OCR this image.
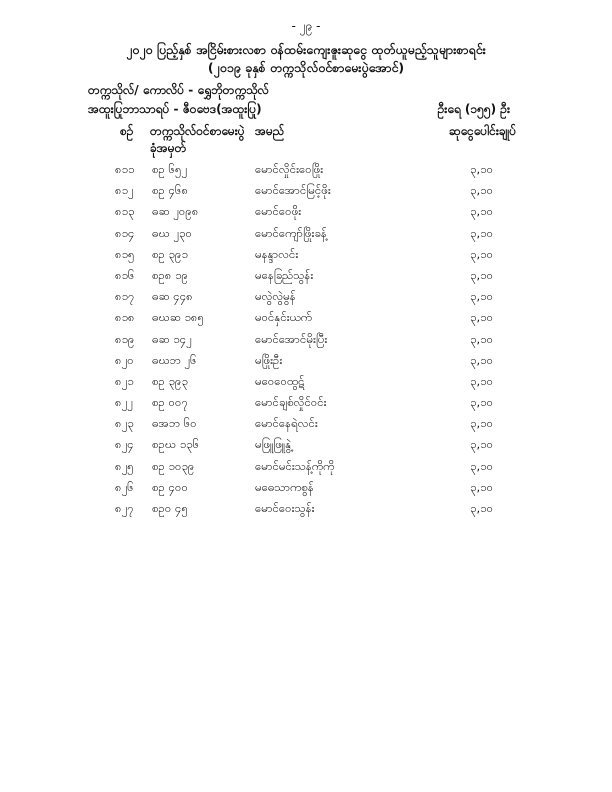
- ၂၉ -
၂၀၂၀ ပြည့်နှစ် အငြိမ်းစားလစာ ဝန်ထမ်းကျေးဇူးဆုငွေ ထုတ်ယူမည့်သူများစာရင်း
(၂၀၁၉ ခုနှစ် တက္ကသိုလ်ဝင်စာမေးပွဲအောင်)
တက္ကသိုလ်/ ကောလိပ် - ရွှေဘိုတက္ကသိုလ်
အထူးပြုဘာသာရပ် - ဇီဝဗေဒ(အထူးပြု)	ဦးရေ (၁၅၅) ဦး
စဉ် တက္ကသိုလ်ဝင်စာမေးပွဲ
ခုံအမှတ်
အမည်	ဆုငွေပေါင်းချုပ်
၈၁၁ စဥ ၆၅၂	မောင်လှိုင်းဝေဖြိုး	၃,၁၀
၈၁၂ စဥ ၄၆၈	မောင်အောင်မြင့်ဖိုး	၃,၁၀
၈၁၃ ဓဆ ၂၀၉၈	မောင်ဝေဖိုး	၃,၁၀
၈၁၄ ဓဃ ၂၃၀	မောင်ကျော်ဖြိုးခန့်	၃,၁၀
၈၁၅ စဥ ၃၉၁	မနန္ဒာလင်း	၃,၁၀
၈၁၆ စဥ၈ ၁၉	မနေခြည်သွန်း	၃,၁၀
၈၁၇ ဓဆ ၄၄၈	မလွဲလွဲမွန်	၃,၁၀
၈၁၈ ဓဃဆ ၁၈၅	မဝင်နှင်းယက်	၃,၁၀
၈၁၉ ဓဆ ၁၄၂	မောင်အောင်မိုးပြီး	၃,၁၀
၈၂၀ ဓဃဘ ၂၆	မဖြိုးဦး	၃,၁၀
၈၂၁ စဥ ၃၉၃	မဝေဝေထွဋ်	၃,၁၀
၈၂၂ စဥ ၀၀၇	မောင်ချစ်လှိုင်ဝင်း	၃,၁၀
၈၂၃ ဓအဘ ၆၀	မောင်နေရဲလင်း	၃,၁၀
၈၂၄ စဥဃ ၁၃၆	မဖြူဖြူနွဲ့	၃,၁၀
၈၂၅ စဥ ၁၀၃၉	မောင်မင်းသန့်ကိုကို	၃,၁၀
၈၂၆ စဥ ၄၀၀	မဓေသာကစွန်	၃,၁၀
၈၂၇ စဥ၀ ၄၅	မောင်ဝေးသွန်း	၃,၁၀
